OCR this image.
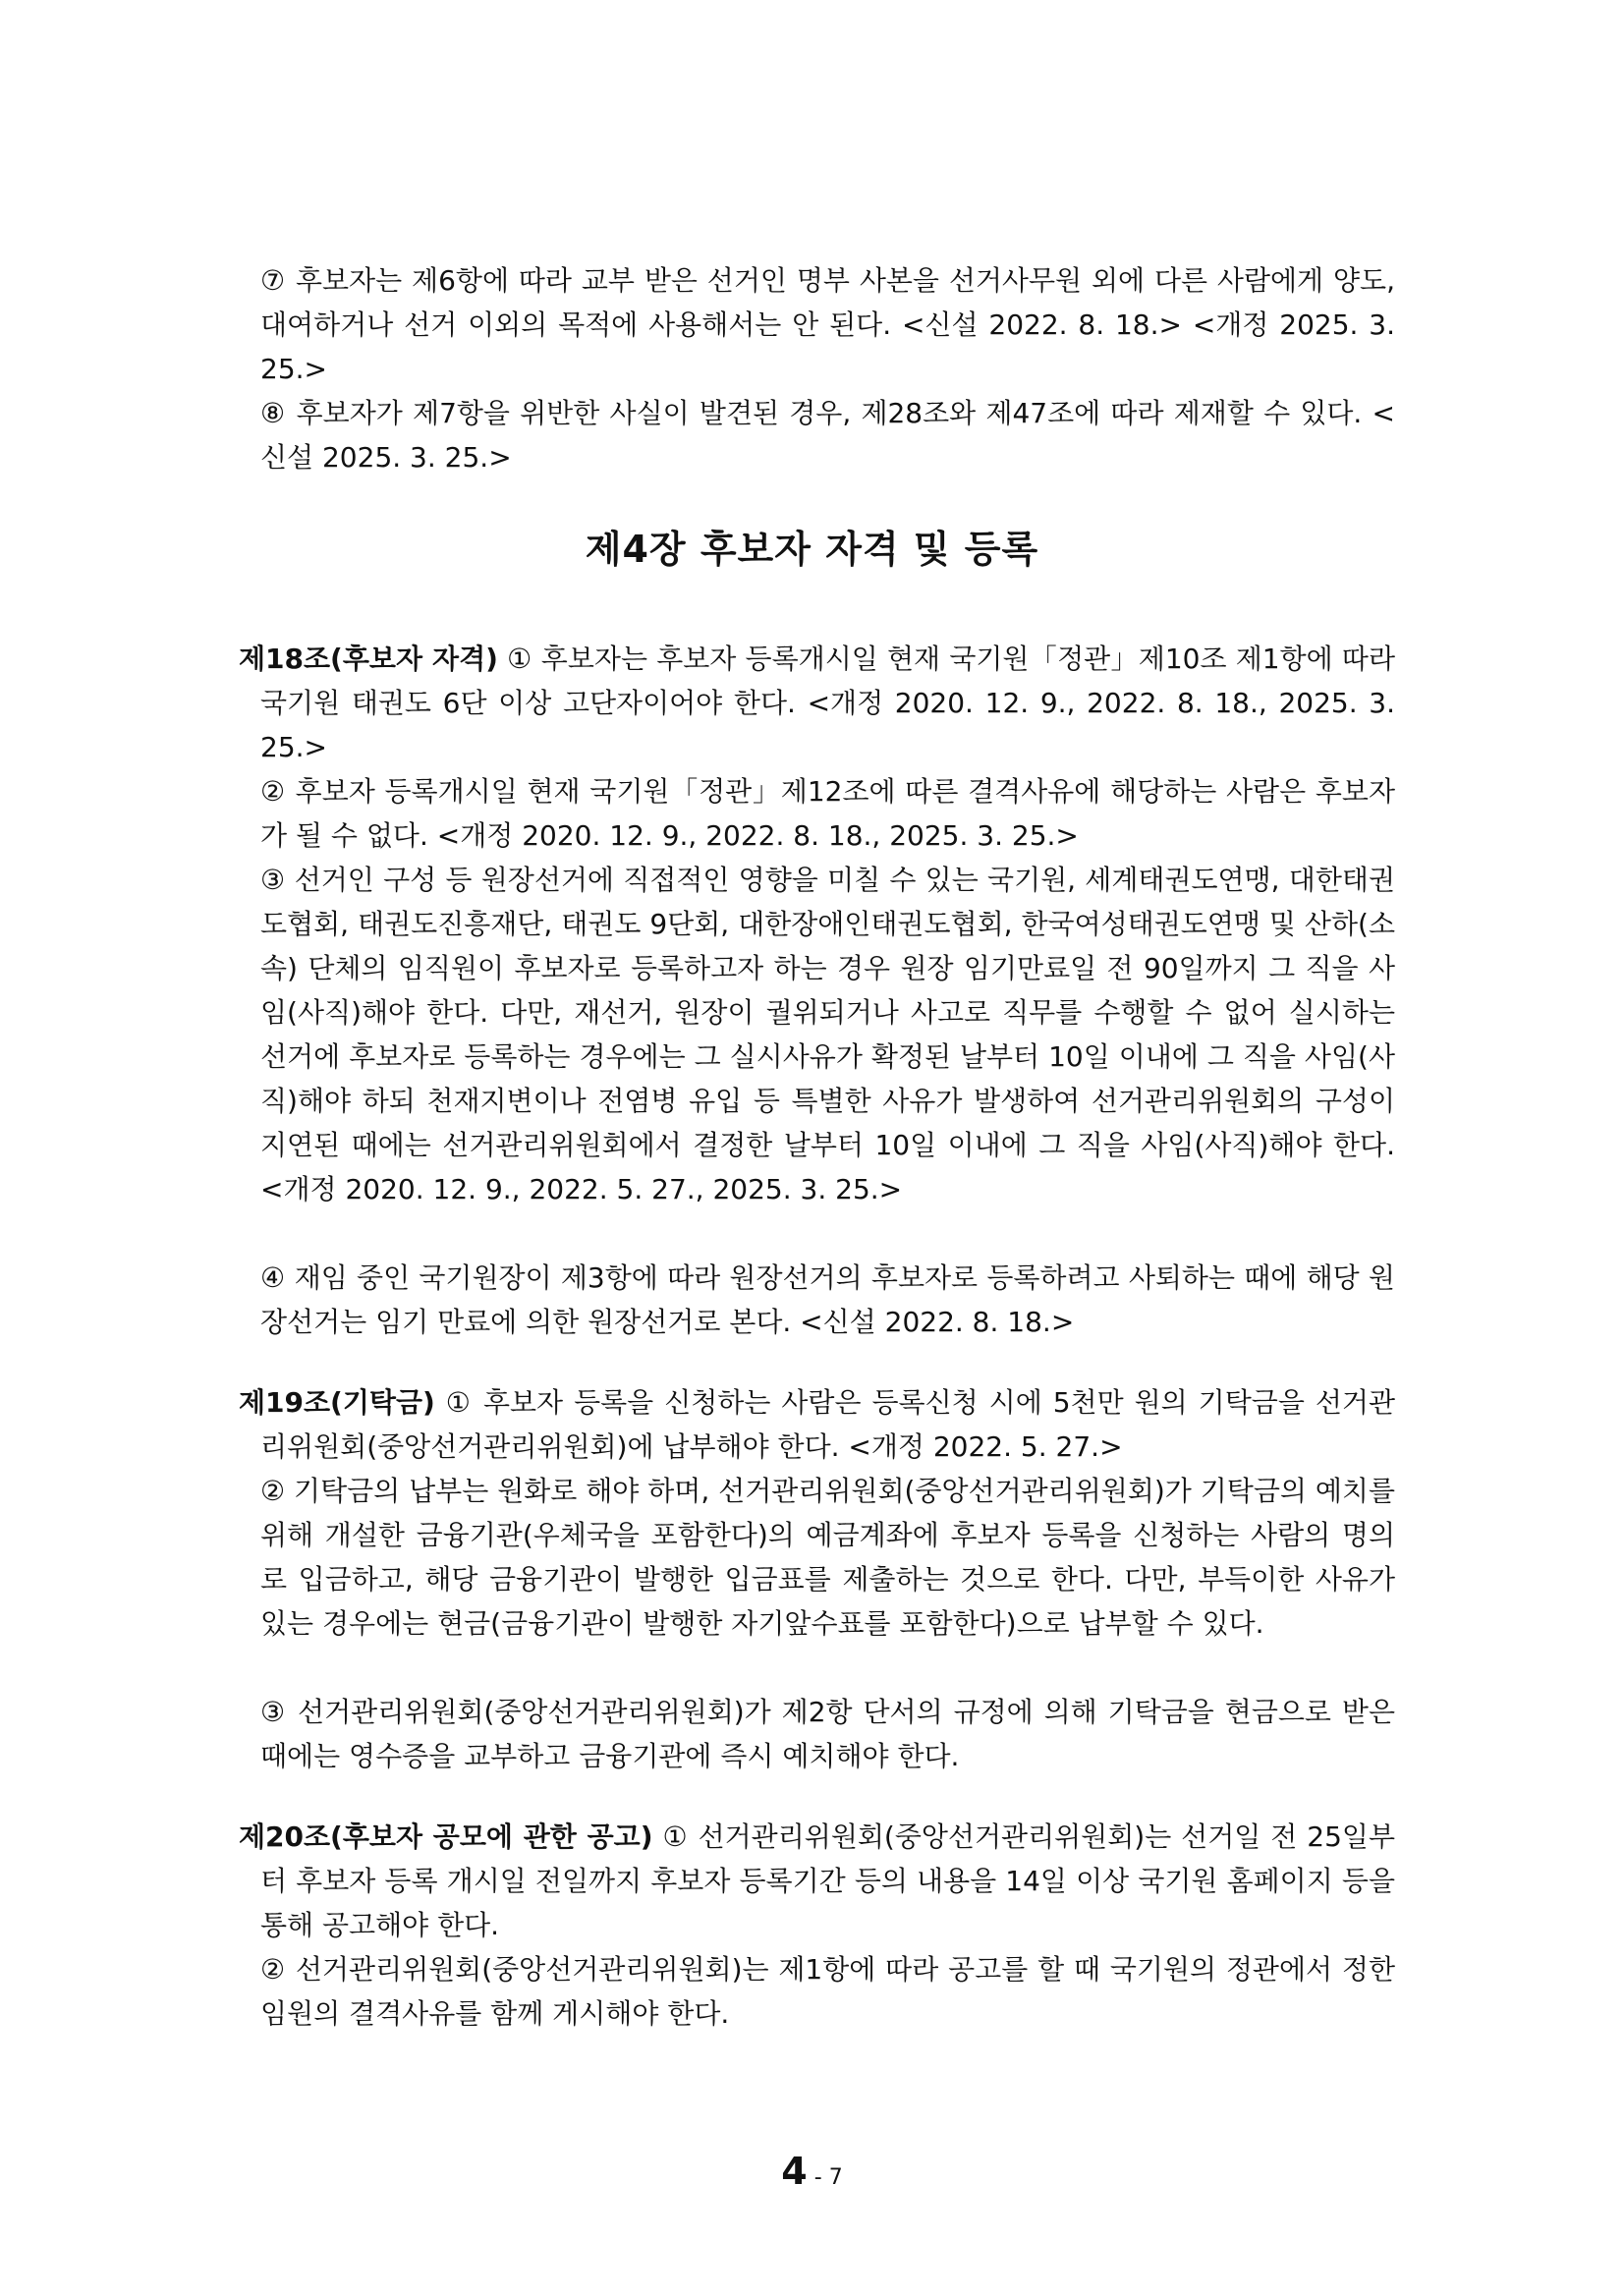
⑦ 후보자는 제6항에 따라 교부 받은 선거인 명부 사본을 선거사무원 외에 다른 사람에게 양도, 대여하거나 선거 이외의 목적에 사용해서는 안 된다. <신설 2022. 8. 18.> <개정 2025. 3. 25.>

⑧ 후보자가 제7항을 위반한 사실이 발견된 경우, 제28조와 제47조에 따라 제재할 수 있다. <신설 2025. 3. 25.>

제4장 후보자 자격 및 등록

제18조(후보자 자격) ① 후보자는 후보자 등록개시일 현재 국기원「정관」제10조 제1항에 따라 국기원 태권도 6단 이상 고단자이어야 한다. <개정 2020. 12. 9., 2022. 8. 18., 2025. 3. 25.>

② 후보자 등록개시일 현재 국기원「정관」제12조에 따른 결격사유에 해당하는 사람은 후보자가 될 수 없다. <개정 2020. 12. 9., 2022. 8. 18., 2025. 3. 25.>

③ 선거인 구성 등 원장선거에 직접적인 영향을 미칠 수 있는 국기원, 세계태권도연맹, 대한태권도협회, 태권도진흥재단, 태권도 9단회, 대한장애인태권도협회, 한국여성태권도연맹 및 산하(소속) 단체의 임직원이 후보자로 등록하고자 하는 경우 원장 임기만료일 전 90일까지 그 직을 사임(사직)해야 한다. 다만, 재선거, 원장이 궐위되거나 사고로 직무를 수행할 수 없어 실시하는 선거에 후보자로 등록하는 경우에는 그 실시사유가 확정된 날부터 10일 이내에 그 직을 사임(사직)해야 하되 천재지변이나 전염병 유입 등 특별한 사유가 발생하여 선거관리위원회의 구성이 지연된 때에는 선거관리위원회에서 결정한 날부터 10일 이내에 그 직을 사임(사직)해야 한다. <개정 2020. 12. 9., 2022. 5. 27., 2025. 3. 25.>

④ 재임 중인 국기원장이 제3항에 따라 원장선거의 후보자로 등록하려고 사퇴하는 때에 해당 원장선거는 임기 만료에 의한 원장선거로 본다. <신설 2022. 8. 18.>

제19조(기탁금) ① 후보자 등록을 신청하는 사람은 등록신청 시에 5천만 원의 기탁금을 선거관리위원회(중앙선거관리위원회)에 납부해야 한다. <개정 2022. 5. 27.>

② 기탁금의 납부는 원화로 해야 하며, 선거관리위원회(중앙선거관리위원회)가 기탁금의 예치를 위해 개설한 금융기관(우체국을 포함한다)의 예금계좌에 후보자 등록을 신청하는 사람의 명의로 입금하고, 해당 금융기관이 발행한 입금표를 제출하는 것으로 한다. 다만, 부득이한 사유가 있는 경우에는 현금(금융기관이 발행한 자기앞수표를 포함한다)으로 납부할 수 있다.

③ 선거관리위원회(중앙선거관리위원회)가 제2항 단서의 규정에 의해 기탁금을 현금으로 받은 때에는 영수증을 교부하고 금융기관에 즉시 예치해야 한다.

제20조(후보자 공모에 관한 공고) ① 선거관리위원회(중앙선거관리위원회)는 선거일 전 25일부터 후보자 등록 개시일 전일까지 후보자 등록기간 등의 내용을 14일 이상 국기원 홈페이지 등을 통해 공고해야 한다.

② 선거관리위원회(중앙선거관리위원회)는 제1항에 따라 공고를 할 때 국기원의 정관에서 정한 임원의 결격사유를 함께 게시해야 한다.

4 - 7
